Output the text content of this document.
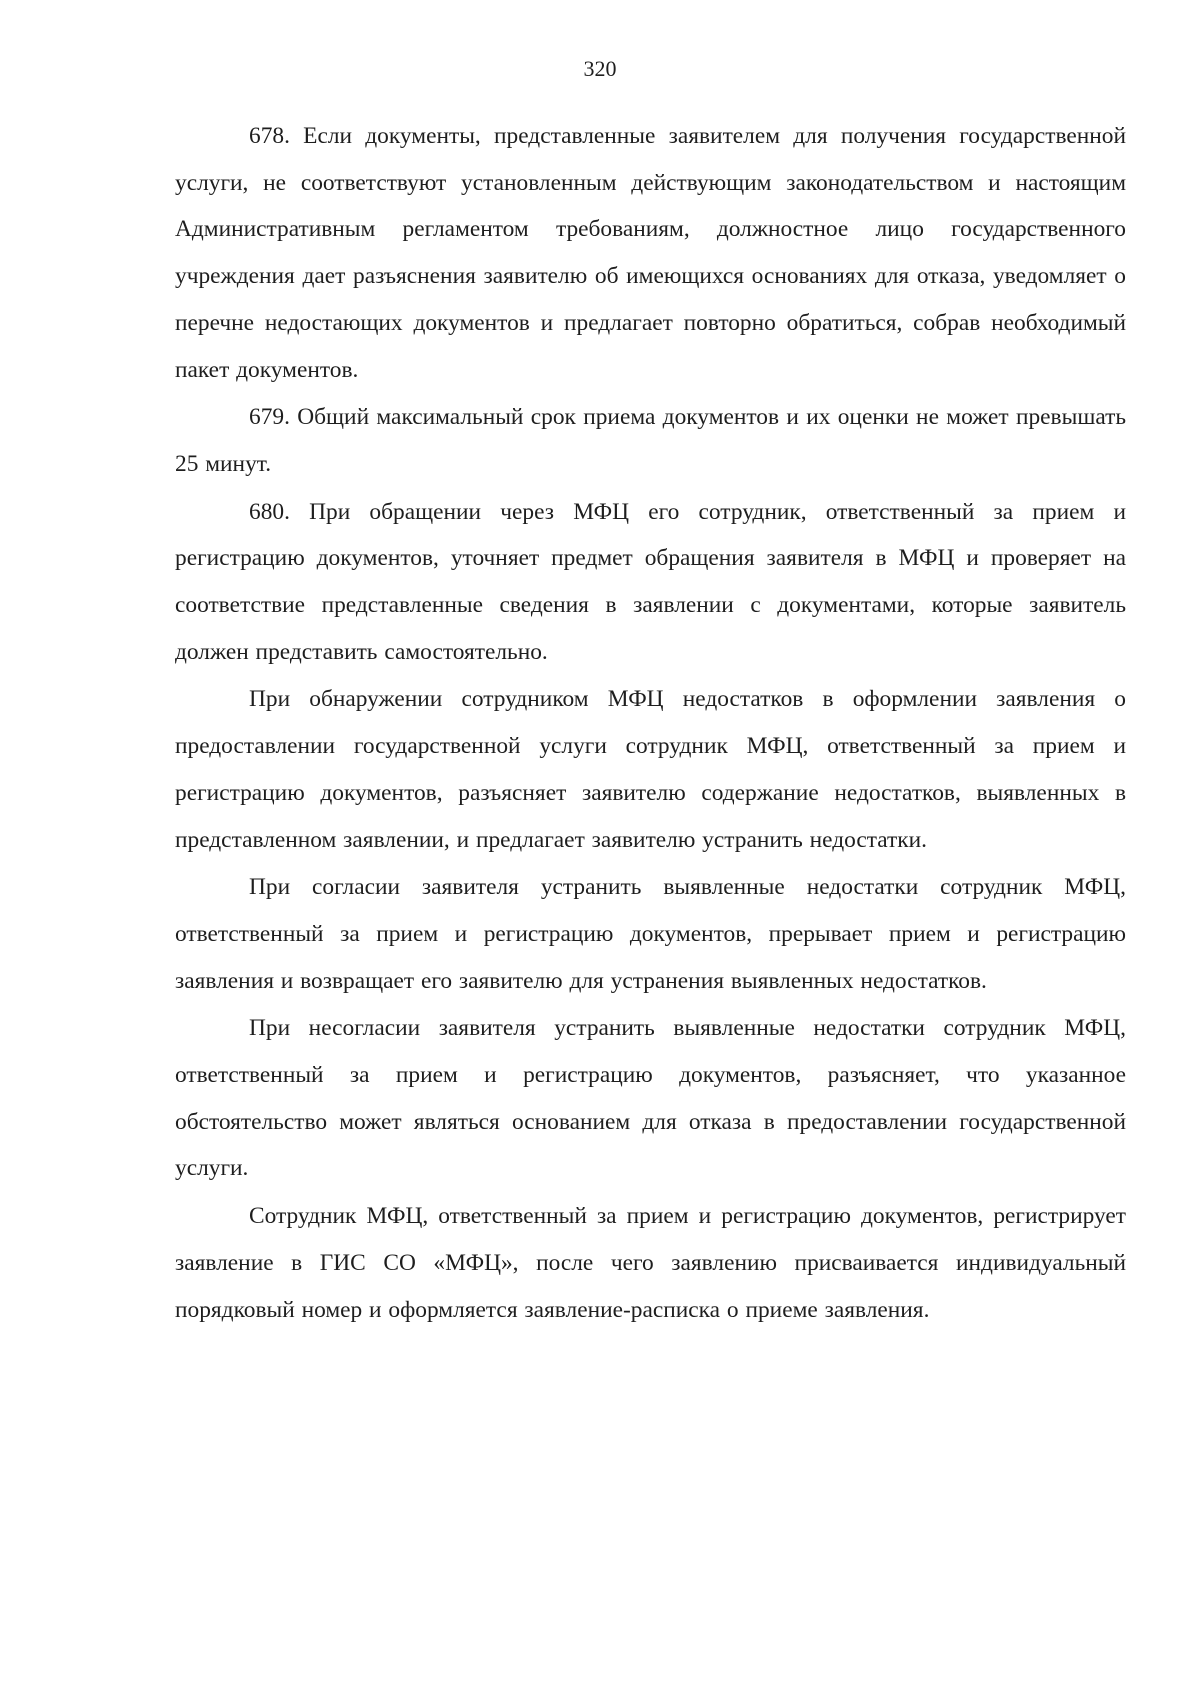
320

678. Если документы, представленные заявителем для получения государственной услуги, не соответствуют установленным действующим законодательством и настоящим Административным регламентом требованиям, должностное лицо государственного учреждения дает разъяснения заявителю об имеющихся основаниях для отказа, уведомляет о перечне недостающих документов и предлагает повторно обратиться, собрав необходимый пакет документов.

679. Общий максимальный срок приема документов и их оценки не может превышать 25 минут.

680. При обращении через МФЦ его сотрудник, ответственный за прием и регистрацию документов, уточняет предмет обращения заявителя в МФЦ и проверяет на соответствие представленные сведения в заявлении с документами, которые заявитель должен представить самостоятельно.

При обнаружении сотрудником МФЦ недостатков в оформлении заявления о предоставлении государственной услуги сотрудник МФЦ, ответственный за прием и регистрацию документов, разъясняет заявителю содержание недостатков, выявленных в представленном заявлении, и предлагает заявителю устранить недостатки.

При согласии заявителя устранить выявленные недостатки сотрудник МФЦ, ответственный за прием и регистрацию документов, прерывает прием и регистрацию заявления и возвращает его заявителю для устранения выявленных недостатков.

При несогласии заявителя устранить выявленные недостатки сотрудник МФЦ, ответственный за прием и регистрацию документов, разъясняет, что указанное обстоятельство может являться основанием для отказа в предоставлении государственной услуги.

Сотрудник МФЦ, ответственный за прием и регистрацию документов, регистрирует заявление в ГИС СО «МФЦ», после чего заявлению присваивается индивидуальный порядковый номер и оформляется заявление-расписка о приеме заявления.
